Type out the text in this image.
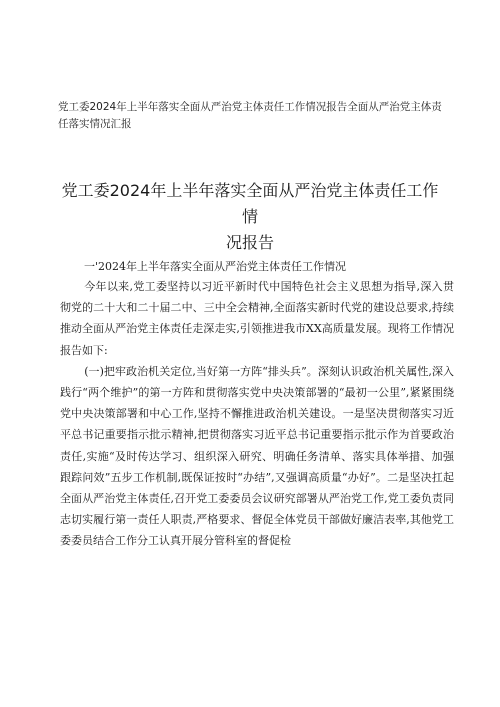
党工委2024年上半年落实全面从严治党主体责任工作情况报告全面从严治党主体责任落实情况汇报

党工委2024年上半年落实全面从严治党主体责任工作情
况报告

一'2024年上半年落实全面从严治党主体责任工作情况

今年以来,党工委坚持以习近平新时代中国特色社会主义思想为指导,深入贯彻党的二十大和二十届二中、三中全会精神,全面落实新时代党的建设总要求,持续推动全面从严治党主体责任走深走实,引领推进我市XX高质量发展。现将工作情况报告如下:

(一)把牢政治机关定位,当好第一方阵“排头兵”。深刻认识政治机关属性,深入践行“两个维护”的第一方阵和贯彻落实党中央决策部署的“最初一公里”,紧紧围绕党中央决策部署和中心工作,坚持不懈推进政治机关建设。一是坚决贯彻落实习近平总书记重要指示批示精神,把贯彻落实习近平总书记重要指示批示作为首要政治责任,实施“及时传达学习、组织深入研究、明确任务清单、落实具体举措、加强跟踪问效”五步工作机制,既保证按时“办结”,又强调高质量“办好”。二是坚决扛起全面从严治党主体责任,召开党工委委员会议研究部署从严治党工作,党工委负责同志切实履行第一责任人职责,严格要求、督促全体党员干部做好廉洁表率,其他党工委委员结合工作分工认真开展分管科室的督促检
